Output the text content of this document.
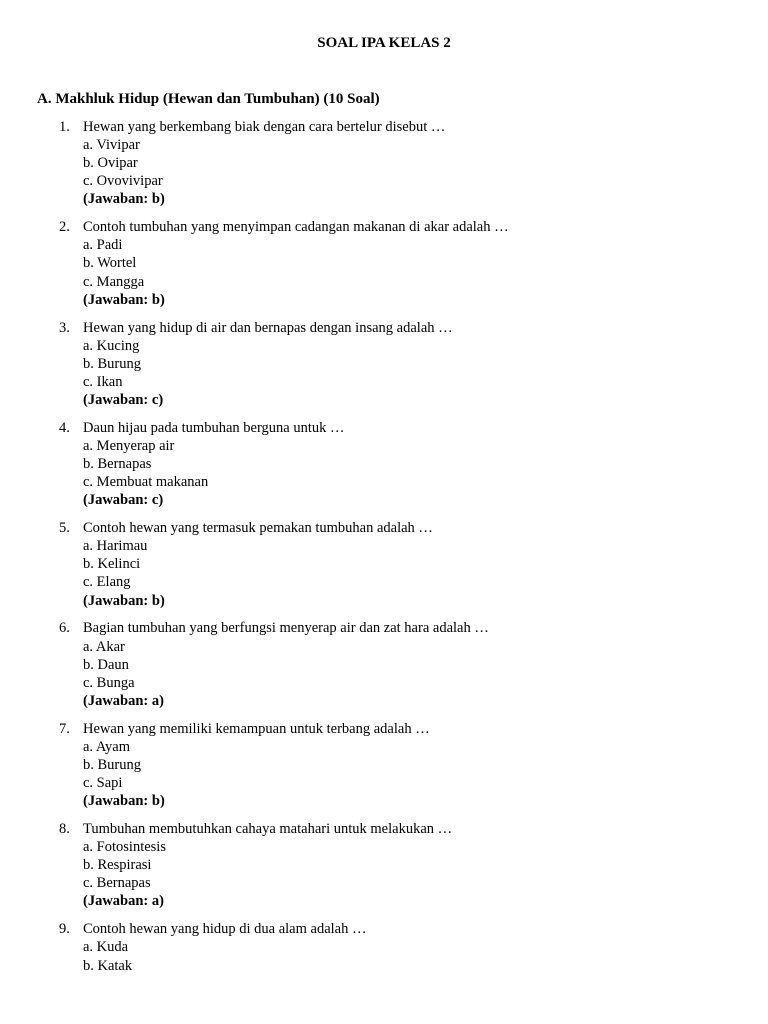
SOAL IPA KELAS 2
A. Makhluk Hidup (Hewan dan Tumbuhan) (10 Soal)
1. Hewan yang berkembang biak dengan cara bertelur disebut …
a. Vivipar
b. Ovipar
c. Ovovivipar
(Jawaban: b)
2. Contoh tumbuhan yang menyimpan cadangan makanan di akar adalah …
a. Padi
b. Wortel
c. Mangga
(Jawaban: b)
3. Hewan yang hidup di air dan bernapas dengan insang adalah …
a. Kucing
b. Burung
c. Ikan
(Jawaban: c)
4. Daun hijau pada tumbuhan berguna untuk …
a. Menyerap air
b. Bernapas
c. Membuat makanan
(Jawaban: c)
5. Contoh hewan yang termasuk pemakan tumbuhan adalah …
a. Harimau
b. Kelinci
c. Elang
(Jawaban: b)
6. Bagian tumbuhan yang berfungsi menyerap air dan zat hara adalah …
a. Akar
b. Daun
c. Bunga
(Jawaban: a)
7. Hewan yang memiliki kemampuan untuk terbang adalah …
a. Ayam
b. Burung
c. Sapi
(Jawaban: b)
8. Tumbuhan membutuhkan cahaya matahari untuk melakukan …
a. Fotosintesis
b. Respirasi
c. Bernapas
(Jawaban: a)
9. Contoh hewan yang hidup di dua alam adalah …
a. Kuda
b. Katak
